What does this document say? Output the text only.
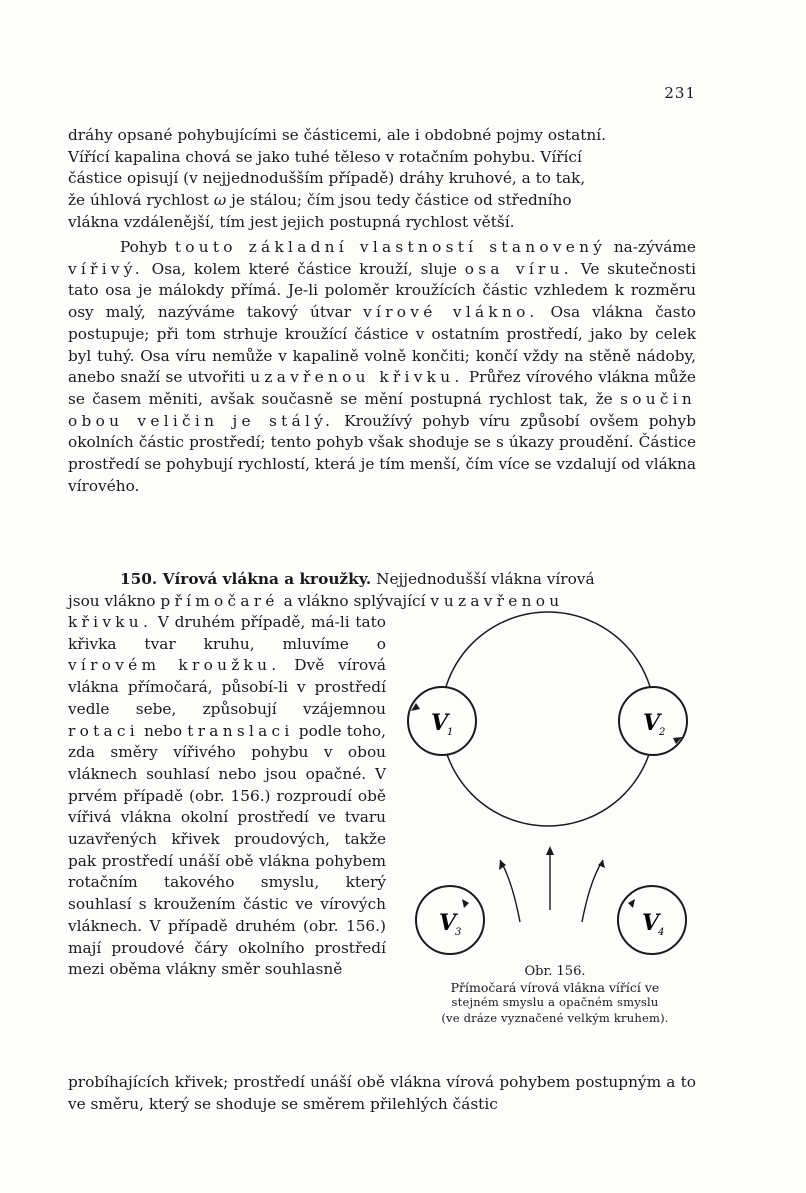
231

dráhy opsané pohybujícími se částicemi, ale i obdobné pojmy ostatní.

Vířící kapalina chová se jako tuhé těleso v rotačním pohybu. Vířící

částice opisují (v nejjednodušším případě) dráhy kruhové, a to tak,

že úhlová rychlost ω je stálou; čím jsou tedy částice od středního

vlákna vzdálenější, tím jest jejich postupná rychlost větší.

Pohyb touto základní vlastností stanovený na-zýváme vířivý. Osa, kolem které částice krouží, sluje osa víru. Ve skutečnosti tato osa je málokdy přímá. Je-li poloměr kroužících částic vzhledem k rozměru osy malý, nazýváme takový útvar vírové vlákno. Osa vlákna často postupuje; při tom strhuje kroužící částice v ostatním prostředí, jako by celek byl tuhý. Osa víru nemůže v kapalině volně končiti; končí vždy na stěně nádoby, anebo snaží se utvořiti uzavřenou křivku. Průřez vírového vlákna může se časem měniti, avšak současně se mění postupná rychlost tak, že součin obou veličin je stálý. Kroužívý pohyb víru způsobí ovšem pohyb okolních částic prostředí; tento pohyb však shoduje se s úkazy proudění. Částice prostředí se pohybují rychlostí, která je tím menší, čím více se vzdalují od vlákna vírového.

150. Vírová vlákna a kroužky. Nejjednodušší vlákna vírová

jsou vlákno přímočaré a vlákno splývající v uzavřenou

křivku. V druhém případě, má-li tato křivka tvar kruhu, mluvíme o vírovém kroužku. Dvě vírová vlákna přímočará, působí-li v prostředí vedle sebe, způsobují vzájemnou rotaci nebo translaci podle toho, zda směry vířivého pohybu v obou vláknech souhlasí nebo jsou opačné. V prvém případě (obr. 156.) rozproudí obě vířivá vlákna okolní prostředí ve tvaru uzavřených křivek proudových, takže pak prostředí unáší obě vlákna pohybem rotačním takového smyslu, který souhlasí s kroužením částic ve vírových vláknech. V případě druhém (obr. 156.) mají proudové čáry okolního prostředí mezi oběma vlákny směr souhlasně

probíhajících křivek; prostředí unáší obě vlákna vírová pohybem postupným a to ve směru, který se shoduje se směrem přilehlých částic

V
1	V
2
V
3	V
4
Obr. 156.
Přímočará vírová vlákna vířící ve
stejném smyslu a opačném smyslu
(ve dráze vyznačené velkým kruhem).
